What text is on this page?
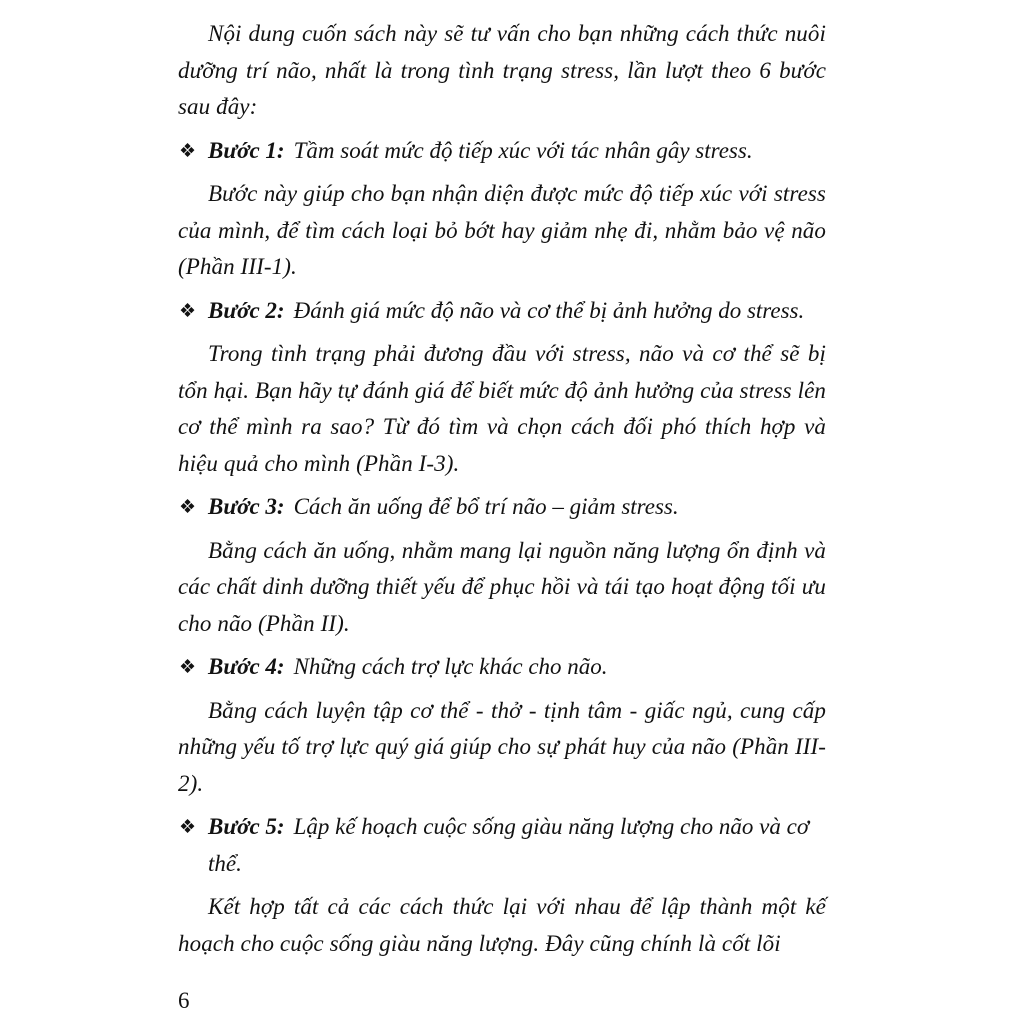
Nội dung cuốn sách này sẽ tư vấn cho bạn những cách thức nuôi dưỡng trí não, nhất là trong tình trạng stress, lần lượt theo 6 bước sau đây:

❖ Bước 1: Tầm soát mức độ tiếp xúc với tác nhân gây stress.

Bước này giúp cho bạn nhận diện được mức độ tiếp xúc với stress của mình, để tìm cách loại bỏ bớt hay giảm nhẹ đi, nhằm bảo vệ não (Phần III-1).

❖ Bước 2: Đánh giá mức độ não và cơ thể bị ảnh hưởng do stress.

Trong tình trạng phải đương đầu với stress, não và cơ thể sẽ bị tổn hại. Bạn hãy tự đánh giá để biết mức độ ảnh hưởng của stress lên cơ thể mình ra sao? Từ đó tìm và chọn cách đối phó thích hợp và hiệu quả cho mình (Phần I-3).

❖ Bước 3: Cách ăn uống để bổ trí não – giảm stress.

Bằng cách ăn uống, nhằm mang lại nguồn năng lượng ổn định và các chất dinh dưỡng thiết yếu để phục hồi và tái tạo hoạt động tối ưu cho não (Phần II).

❖ Bước 4: Những cách trợ lực khác cho não.

Bằng cách luyện tập cơ thể - thở - tịnh tâm - giấc ngủ, cung cấp những yếu tố trợ lực quý giá giúp cho sự phát huy của não (Phần III-2).

❖ Bước 5: Lập kế hoạch cuộc sống giàu năng lượng cho não và cơ thể.

Kết hợp tất cả các cách thức lại với nhau để lập thành một kế hoạch cho cuộc sống giàu năng lượng. Đây cũng chính là cốt lõi

6
